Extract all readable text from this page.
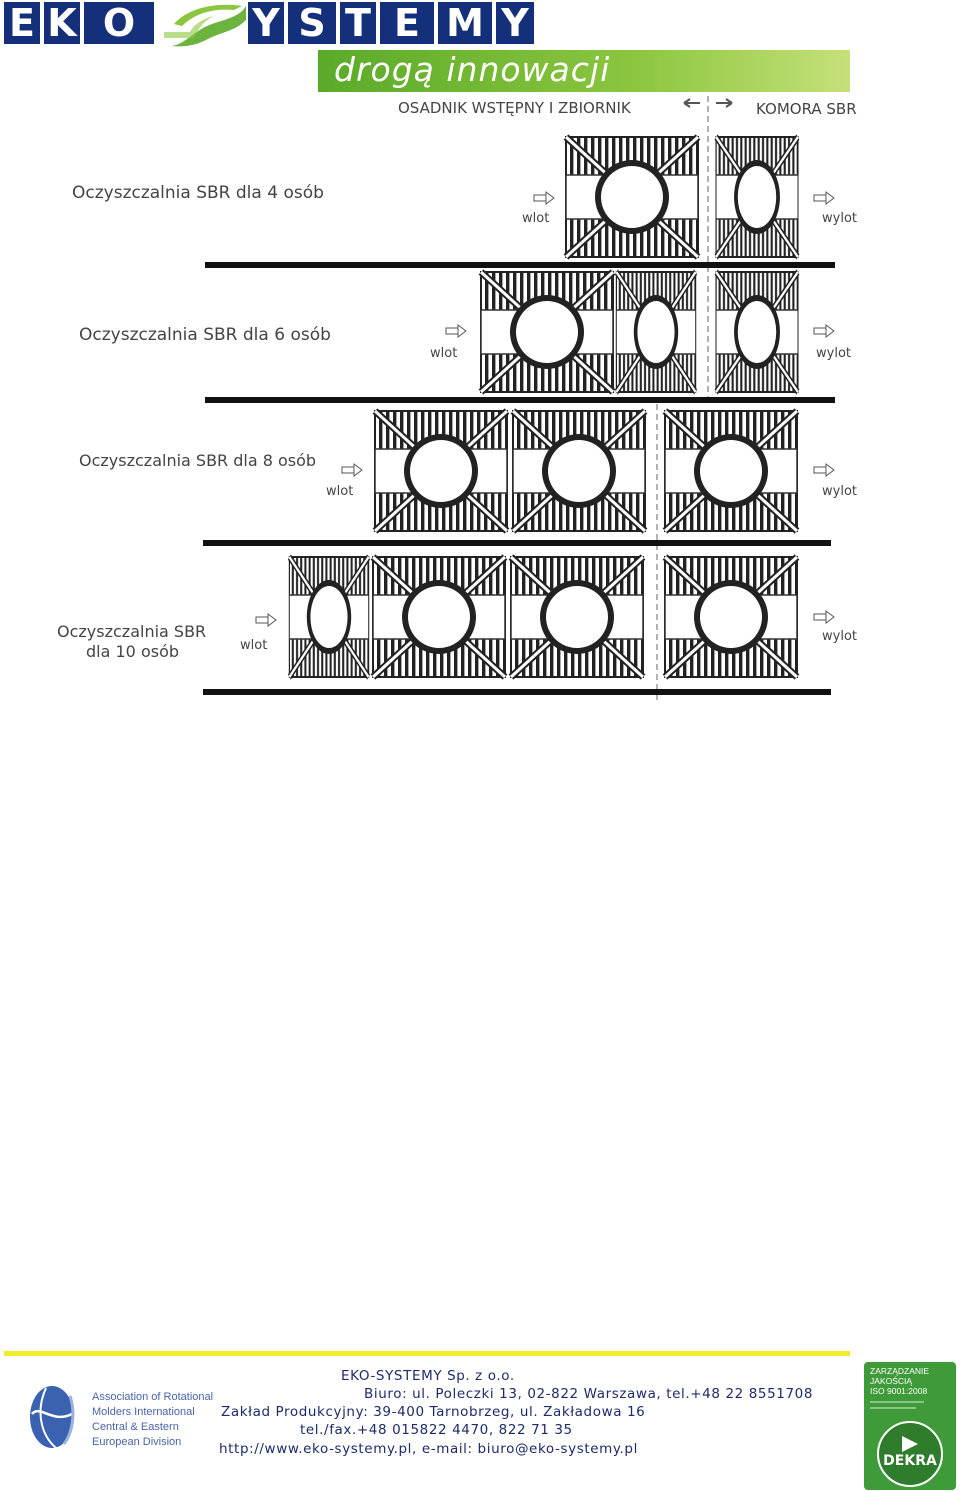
E K O	Y S T E M Y
drogą innowacji
OSADNIK WSTĘPNY I ZBIORNIK	KOMORA SBR
Oczyszczalnia SBR dla 4 osób
wlot	wylot
Oczyszczalnia SBR dla 6 osób
wlot	wylot
Oczyszczalnia SBR dla 8 osób
wlot	wylot
Oczyszczalnia SBR
dla 10 osób	wlot
wylot
Association of Rotational
Molders International
Central & Eastern
European Division
EKO-SYSTEMY Sp. z o.o.
Biuro: ul. Poleczki 13, 02-822 Warszawa, tel.+48 22 8551708
Zakład Produkcyjny: 39-400 Tarnobrzeg, ul. Zakładowa 16
tel./fax.+48 015822 4470, 822 71 35
http://www.eko-systemy.pl, e-mail: biuro@eko-systemy.pl
ZARZĄDZANIE
JAKOŚCIĄ
ISO 9001:2008
DEKRA
